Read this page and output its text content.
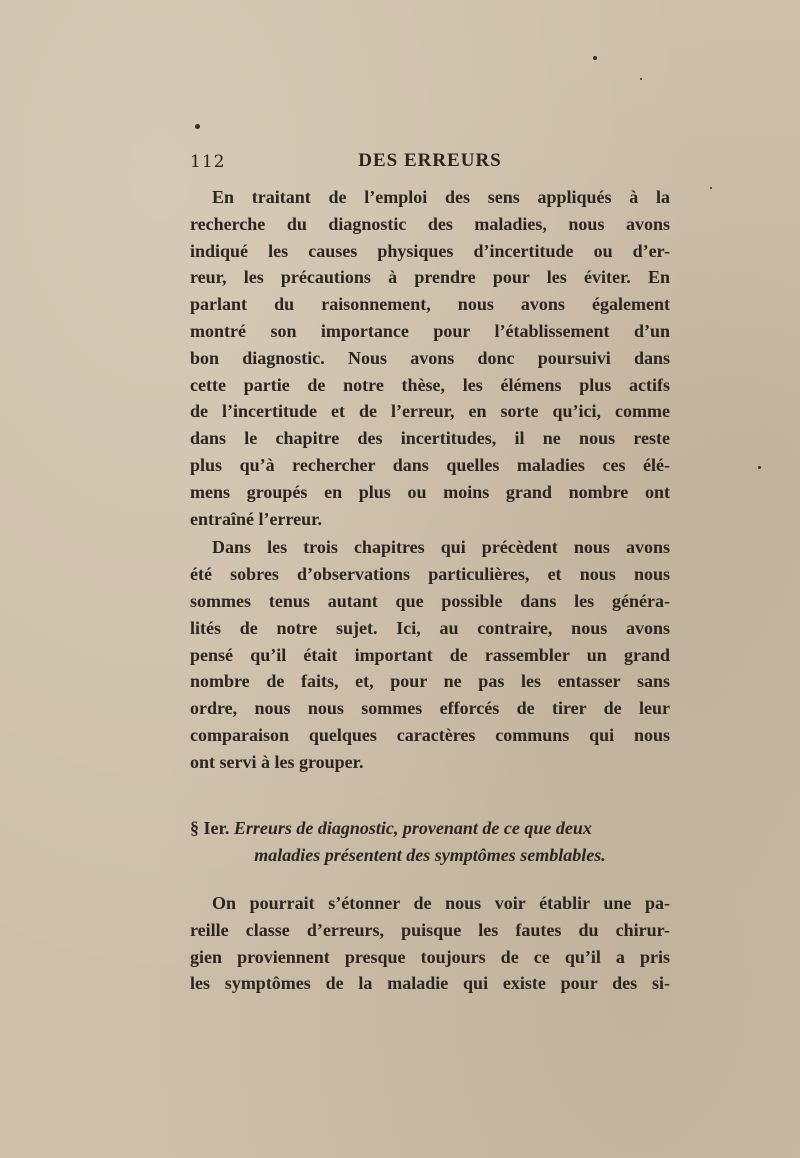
112	DES ERREURS
En traitant de l’emploi des sens appliqués à la
recherche du diagnostic des maladies, nous avons
indiqué les causes physiques d’incertitude ou d’er-
reur, les précautions à prendre pour les éviter. En
parlant du raisonnement, nous avons également
montré son importance pour l’établissement d’un
bon diagnostic. Nous avons donc poursuivi dans
cette partie de notre thèse, les élémens plus actifs
de l’incertitude et de l’erreur, en sorte qu’ici, comme
dans le chapitre des incertitudes, il ne nous reste
plus qu’à rechercher dans quelles maladies ces élé-
mens groupés en plus ou moins grand nombre ont
entraîné l’erreur.
Dans les trois chapitres qui précèdent nous avons
été sobres d’observations particulières, et nous nous
sommes tenus autant que possible dans les généra-
lités de notre sujet. Ici, au contraire, nous avons
pensé qu’il était important de rassembler un grand
nombre de faits, et, pour ne pas les entasser sans
ordre, nous nous sommes efforcés de tirer de leur
comparaison quelques caractères communs qui nous
ont servi à les grouper.
§ Ier. Erreurs de diagnostic, provenant de ce que deux
maladies présentent des symptômes semblables.
On pourrait s’étonner de nous voir établir une pa-
reille classe d’erreurs, puisque les fautes du chirur-
gien proviennent presque toujours de ce qu’il a pris
les symptômes de la maladie qui existe pour des si-
